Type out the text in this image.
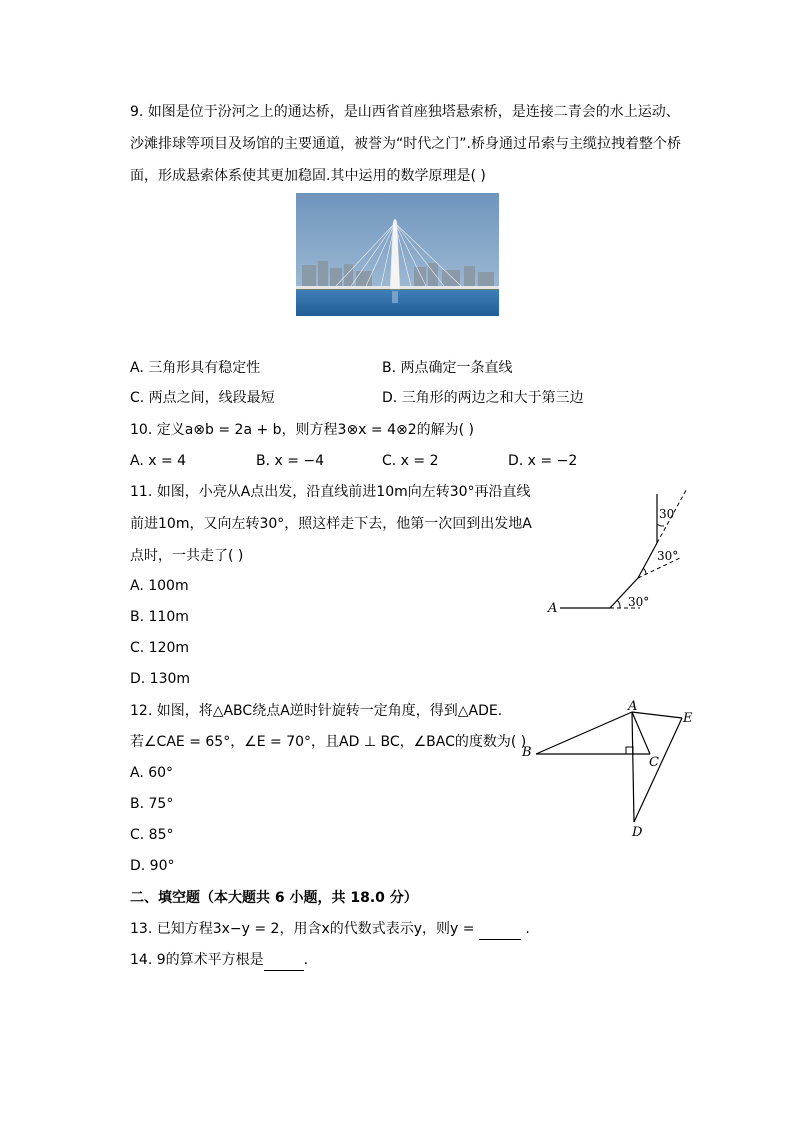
9. 如图是位于汾河之上的通达桥，是山西省首座独塔悬索桥，是连接二青会的水上运动、
沙滩排球等项目及场馆的主要通道，被誉为“时代之门”.桥身通过吊索与主缆拉拽着整个桥
面，形成悬索体系使其更加稳固.其中运用的数学原理是( )
A. 三角形具有稳定性	B. 两点确定一条直线
C. 两点之间，线段最短	D. 三角形的两边之和大于第三边
10. 定义a⊗b = 2a + b，则方程3⊗x = 4⊗2的解为( )
A. x = 4	B. x = −4	C. x = 2	D. x = −2
11. 如图，小亮从A点出发，沿直线前进10m向左转30°再沿直线
前进10m，又向左转30°，照这样走下去，他第一次回到出发地A
点时，一共走了( )
A. 100m
B. 110m
C. 120m
D. 130m
A	30°
30°
30
12. 如图，将△ABC绕点A逆时针旋转一定角度，得到△ADE.
若∠CAE = 65°，∠E = 70°，且AD ⊥ BC，∠BAC的度数为( )
A. 60°
B. 75°
C. 85°
D. 90°
A
B
C
D
E
二、填空题（本大题共 6 小题，共 18.0 分）
13. 已知方程3x−y = 2，用含x的代数式表示y，则y =	.
14. 9的算术平方根是	.
